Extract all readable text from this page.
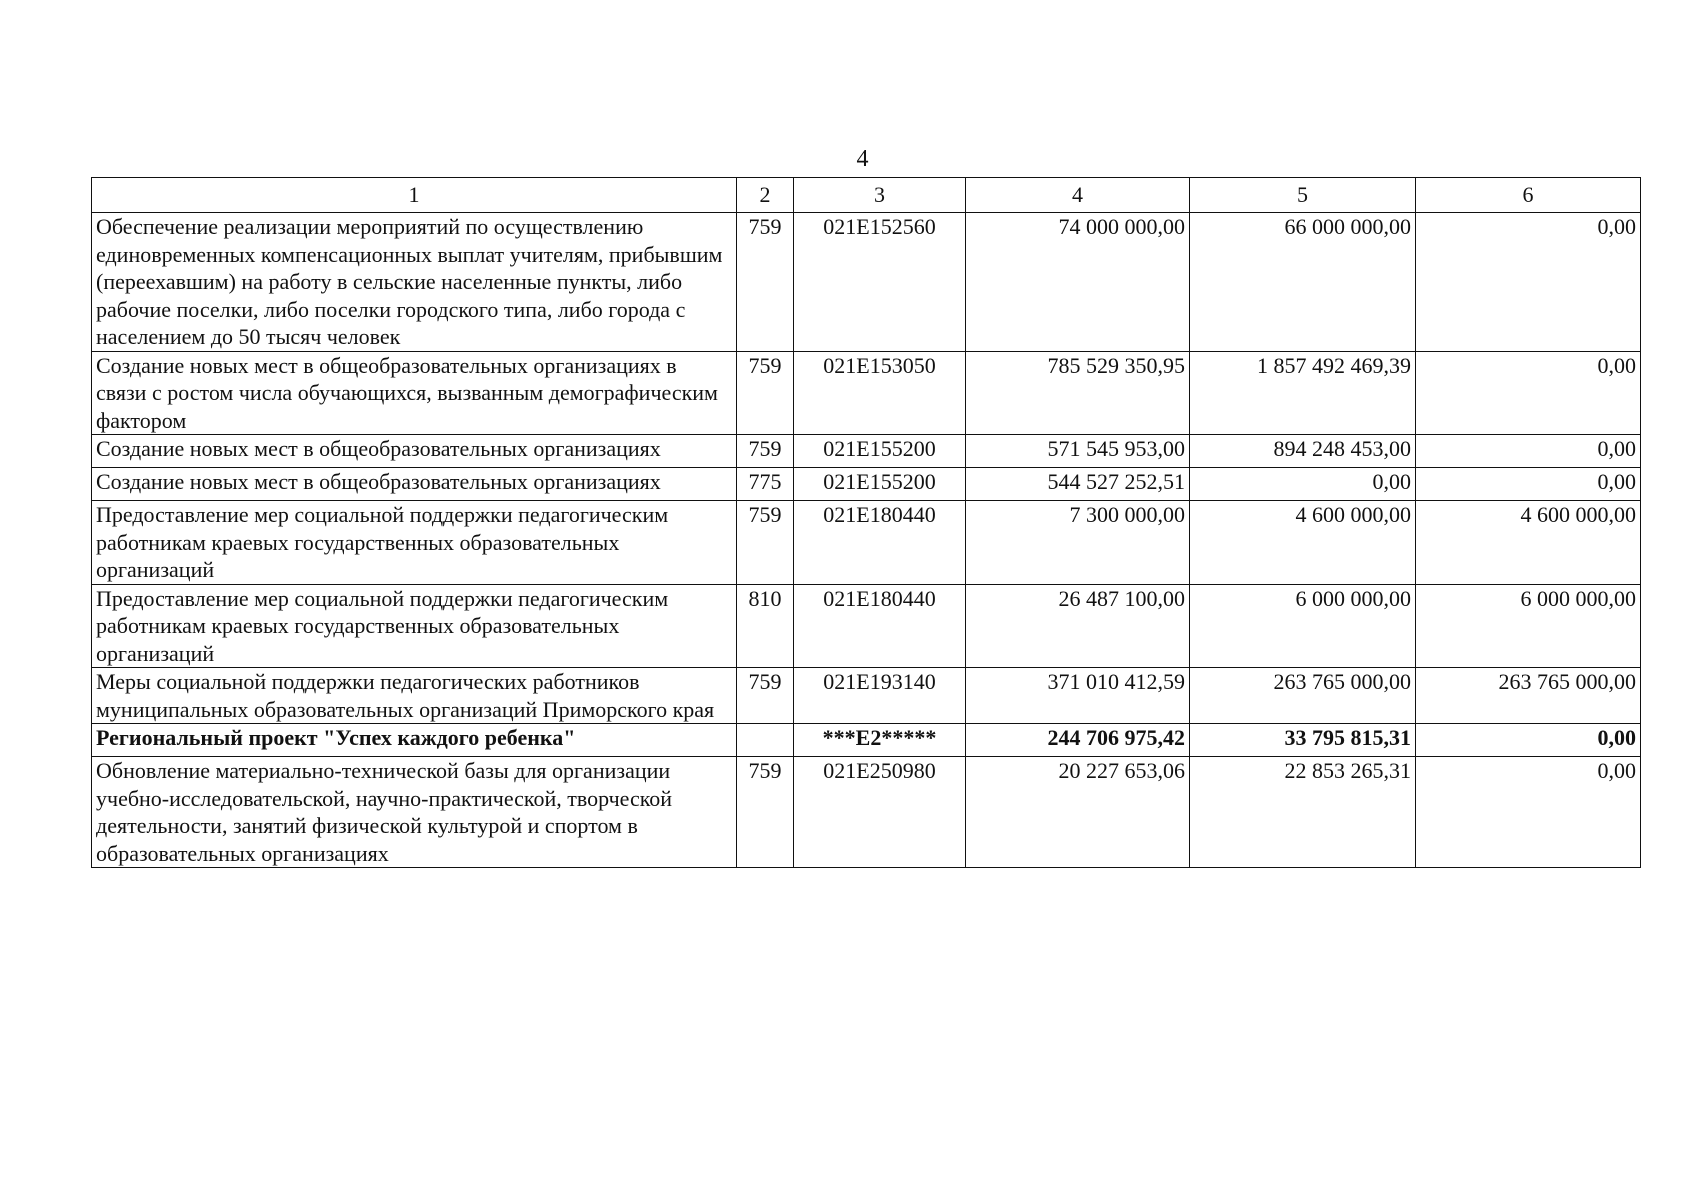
4
1	2	3	4	5	6
Обеспечение реализации мероприятий по осуществлению единовременных компенсационных выплат учителям, прибывшим (переехавшим) на работу в сельские населенные пункты, либо рабочие поселки, либо поселки городского типа, либо города с населением до 50 тысяч человек	759	021E152560	74 000 000,00	66 000 000,00	0,00
Создание новых мест в общеобразовательных организациях в связи с ростом числа обучающихся, вызванным демографическим фактором	759	021E153050	785 529 350,95	1 857 492 469,39	0,00
Создание новых мест в общеобразовательных организациях	759	021E155200	571 545 953,00	894 248 453,00	0,00
Создание новых мест в общеобразовательных организациях	775	021E155200	544 527 252,51	0,00	0,00
Предоставление мер социальной поддержки педагогическим работникам краевых государственных образовательных организаций	759	021E180440	7 300 000,00	4 600 000,00	4 600 000,00
Предоставление мер социальной поддержки педагогическим работникам краевых государственных образовательных организаций	810	021E180440	26 487 100,00	6 000 000,00	6 000 000,00
Меры социальной поддержки педагогических работников муниципальных образовательных организаций Приморского края	759	021E193140	371 010 412,59	263 765 000,00	263 765 000,00
Региональный проект "Успех каждого ребенка"		***E2*****	244 706 975,42	33 795 815,31	0,00
Обновление материально-технической базы для организации учебно-исследовательской, научно-практической, творческой деятельности, занятий физической культурой и спортом в образовательных организациях	759	021E250980	20 227 653,06	22 853 265,31	0,00
